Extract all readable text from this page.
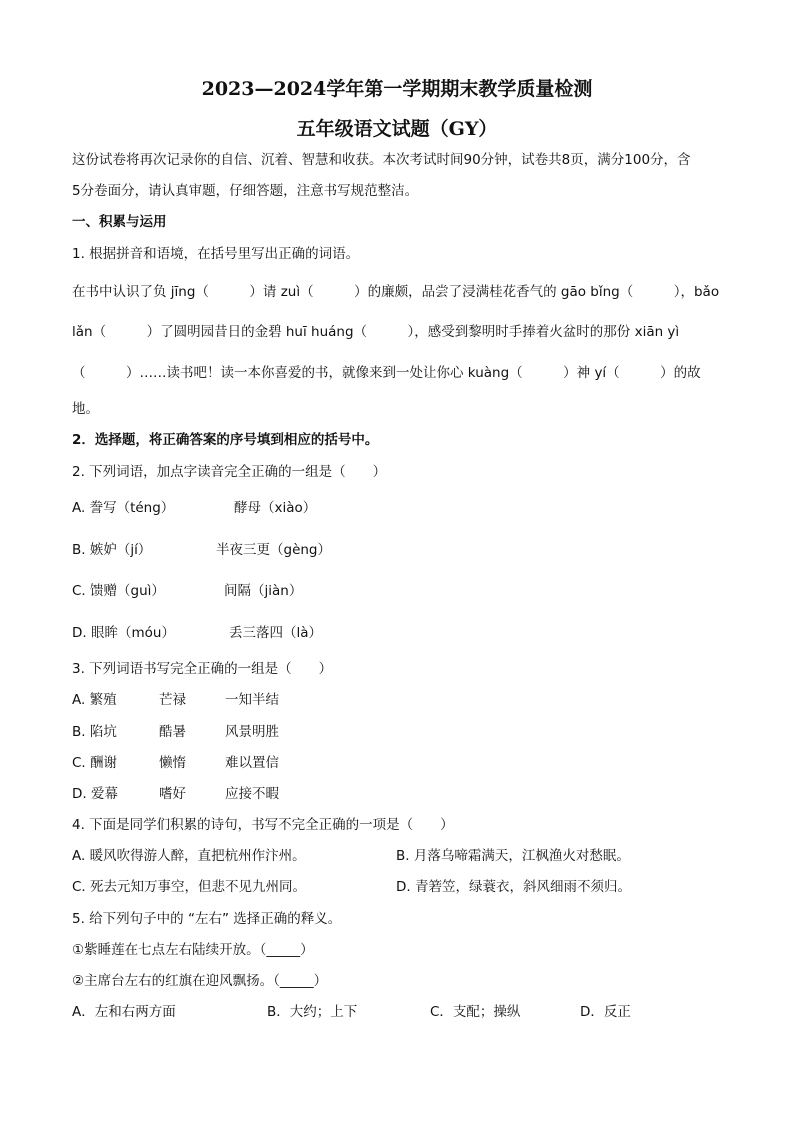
2023—2024学年第一学期期末教学质量检测
五年级语文试题（GY）
这份试卷将再次记录你的自信、沉着、智慧和收获。本次考试时间90分钟，试卷共8页，满分100分，含
5分卷面分，请认真审题，仔细答题，注意书写规范整洁。
一、积累与运用
1. 根据拼音和语境，在括号里写出正确的词语。
在书中认识了负 jīng（　　　）请 zuì（　　　）的廉颇，品尝了浸满桂花香气的 gāo bǐng（　　　），bǎo
lǎn（　　　）了圆明园昔日的金碧 huī huáng（　　　），感受到黎明时手捧着火盆时的那份 xiān yì
（　　　）……读书吧！读一本你喜爱的书，就像来到一处让你心 kuàng（　　　）神 yí（　　　）的故
地。
2．选择题，将正确答案的序号填到相应的括号中。
2. 下列词语，加点字读音完全正确的一组是（　　）
A. 誊写（téng）	酵母（xiào）
B. 嫉妒（jí）	半夜三更（gèng）
C. 馈赠（guì）	间隔（jiàn）
D. 眼眸（móu）	丢三落四（là）
3. 下列词语书写完全正确的一组是（　　）
A. 繁殖	芒禄	一知半结
B. 陷坑	酷暑	风景明胜
C. 酬谢	懒惰	难以置信
D. 爱幕	嗜好	应接不暇
4. 下面是同学们积累的诗句，书写不完全正确的一项是（　　）
A. 暖风吹得游人醉，直把杭州作汴州。	B. 月落乌啼霜满天，江枫渔火对愁眠。
C. 死去元知万事空，但悲不见九州同。	D. 青箬笠，绿蓑衣，斜风细雨不须归。
5. 给下列句子中的 “左右” 选择正确的释义。
①紫睡莲在七点左右陆续开放。（_____）
②主席台左右的红旗在迎风飘扬。（_____）
A．左和右两方面	B．大约；上下	C．支配；操纵	D．反正
